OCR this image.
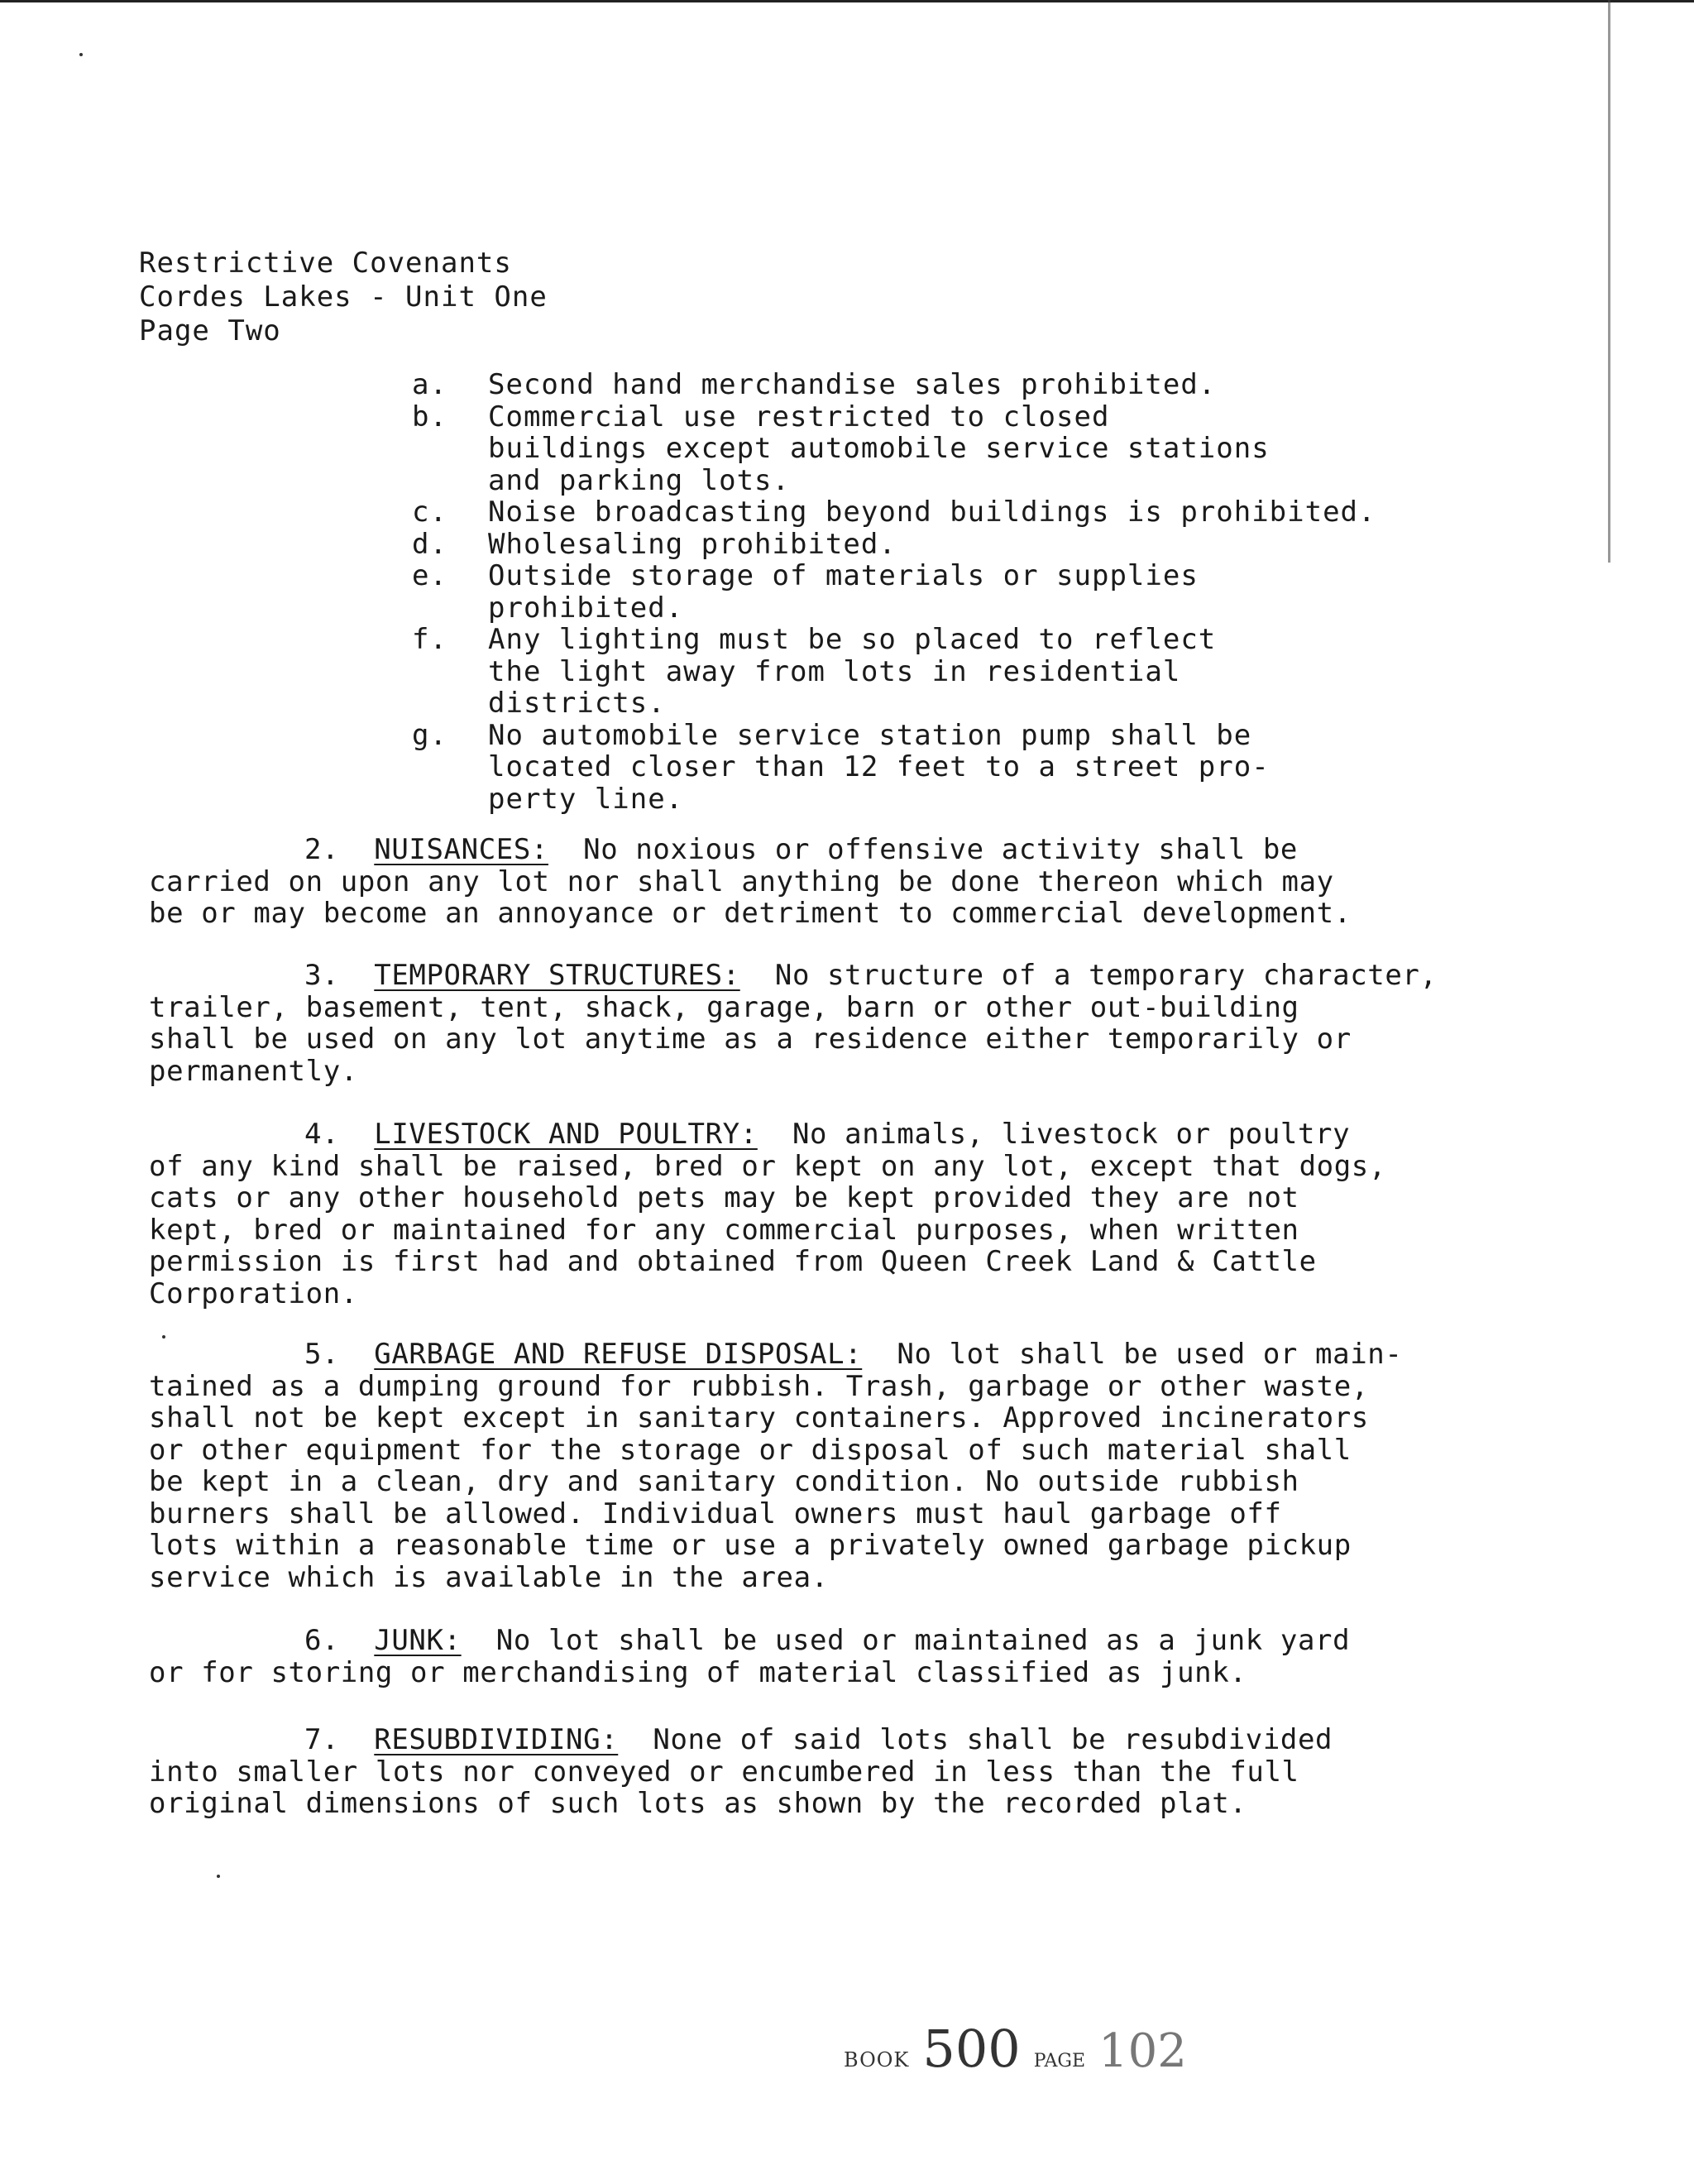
Restrictive Covenants
Cordes Lakes - Unit One
Page Two
a.	Second hand merchandise sales prohibited.
b.	Commercial use restricted to closed
buildings except automobile service stations
and parking lots.
c.	Noise broadcasting beyond buildings is prohibited.
d.	Wholesaling prohibited.
e.	Outside storage of materials or supplies
prohibited.
f.	Any lighting must be so placed to reflect
the light away from lots in residential
districts.
g.	No automobile service station pump shall be
located closer than 12 feet to a street pro-
perty line.
2. NUISANCES: No noxious or offensive activity shall be
carried on upon any lot nor shall anything be done thereon which may
be or may become an annoyance or detriment to commercial development.
3. TEMPORARY STRUCTURES: No structure of a temporary character,
trailer, basement, tent, shack, garage, barn or other out-building
shall be used on any lot anytime as a residence either temporarily or
permanently.
4. LIVESTOCK AND POULTRY: No animals, livestock or poultry
of any kind shall be raised, bred or kept on any lot, except that dogs,
cats or any other household pets may be kept provided they are not
kept, bred or maintained for any commercial purposes, when written
permission is first had and obtained from Queen Creek Land & Cattle
Corporation.
5. GARBAGE AND REFUSE DISPOSAL: No lot shall be used or main-
tained as a dumping ground for rubbish. Trash, garbage or other waste,
shall not be kept except in sanitary containers. Approved incinerators
or other equipment for the storage or disposal of such material shall
be kept in a clean, dry and sanitary condition. No outside rubbish
burners shall be allowed. Individual owners must haul garbage off
lots within a reasonable time or use a privately owned garbage pickup
service which is available in the area.
6. JUNK: No lot shall be used or maintained as a junk yard
or for storing or merchandising of material classified as junk.
7. RESUBDIVIDING: None of said lots shall be resubdivided
into smaller lots nor conveyed or encumbered in less than the full
original dimensions of such lots as shown by the recorded plat.
BOOK 500 PAGE 102
